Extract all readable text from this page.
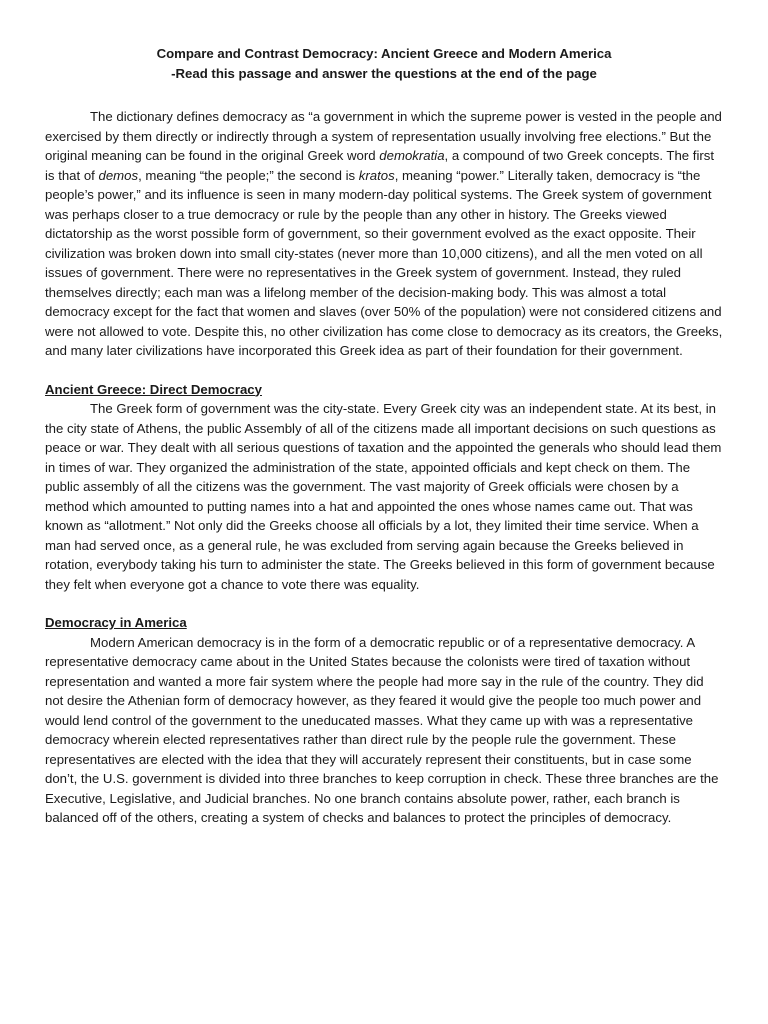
Compare and Contrast Democracy: Ancient Greece and Modern America

-Read this passage and answer the questions at the end of the page

The dictionary defines democracy as “a government in which the supreme power is vested in the people and exercised by them directly or indirectly through a system of representation usually involving free elections.” But the original meaning can be found in the original Greek word demokratia, a compound of two Greek concepts. The first is that of demos, meaning “the people;” the second is kratos, meaning “power.” Literally taken, democracy is “the people’s power,” and its influence is seen in many modern-day political systems. The Greek system of government was perhaps closer to a true democracy or rule by the people than any other in history. The Greeks viewed dictatorship as the worst possible form of government, so their government evolved as the exact opposite. Their civilization was broken down into small city-states (never more than 10,000 citizens), and all the men voted on all issues of government. There were no representatives in the Greek system of government. Instead, they ruled themselves directly; each man was a lifelong member of the decision-making body. This was almost a total democracy except for the fact that women and slaves (over 50% of the population) were not considered citizens and were not allowed to vote. Despite this, no other civilization has come close to democracy as its creators, the Greeks, and many later civilizations have incorporated this Greek idea as part of their foundation for their government.

Ancient Greece: Direct Democracy

The Greek form of government was the city-state. Every Greek city was an independent state. At its best, in the city state of Athens, the public Assembly of all of the citizens made all important decisions on such questions as peace or war. They dealt with all serious questions of taxation and the appointed the generals who should lead them in times of war. They organized the administration of the state, appointed officials and kept check on them. The public assembly of all the citizens was the government. The vast majority of Greek officials were chosen by a method which amounted to putting names into a hat and appointed the ones whose names came out. That was known as “allotment.” Not only did the Greeks choose all officials by a lot, they limited their time service. When a man had served once, as a general rule, he was excluded from serving again because the Greeks believed in rotation, everybody taking his turn to administer the state. The Greeks believed in this form of government because they felt when everyone got a chance to vote there was equality.

Democracy in America

Modern American democracy is in the form of a democratic republic or of a representative democracy. A representative democracy came about in the United States because the colonists were tired of taxation without representation and wanted a more fair system where the people had more say in the rule of the country. They did not desire the Athenian form of democracy however, as they feared it would give the people too much power and would lend control of the government to the uneducated masses. What they came up with was a representative democracy wherein elected representatives rather than direct rule by the people rule the government. These representatives are elected with the idea that they will accurately represent their constituents, but in case some don’t, the U.S. government is divided into three branches to keep corruption in check. These three branches are the Executive, Legislative, and Judicial branches. No one branch contains absolute power, rather, each branch is balanced off of the others, creating a system of checks and balances to protect the principles of democracy.
